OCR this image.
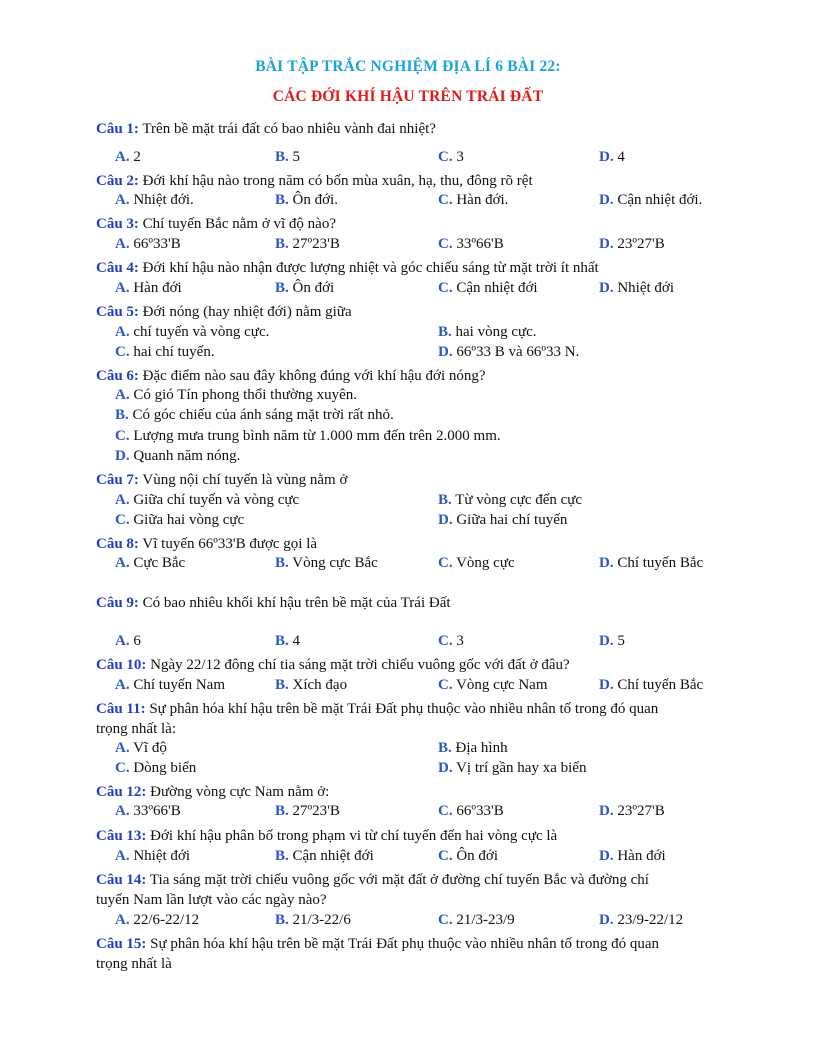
BÀI TẬP TRẮC NGHIỆM ĐỊA LÍ 6 BÀI 22:
CÁC ĐỚI KHÍ HẬU TRÊN TRÁI ĐẤT
Câu 1: Trên bề mặt trái đất có bao nhiêu vành đai nhiệt?
A. 2	B. 5	C. 3	D. 4
Câu 2: Đới khí hậu nào trong năm có bốn mùa xuân, hạ, thu, đông rõ rệt
A. Nhiệt đới.	B. Ôn đới.	C. Hàn đới.	D. Cận nhiệt đới.
Câu 3: Chí tuyến Bắc nằm ở vĩ độ nào?
A. 66º33'B	B. 27º23'B	C. 33º66'B	D. 23º27'B
Câu 4: Đới khí hậu nào nhận được lượng nhiệt và góc chiếu sáng từ mặt trời ít nhất
A. Hàn đới	B. Ôn đới	C. Cận nhiệt đới	D. Nhiệt đới
Câu 5: Đới nóng (hay nhiệt đới) nằm giữa
A. chí tuyến và vòng cực.	B. hai vòng cực.
C. hai chí tuyến.	D. 66º33 B và 66º33 N.
Câu 6: Đặc điểm nào sau đây không đúng với khí hậu đới nóng?
A. Có gió Tín phong thổi thường xuyên.
B. Có góc chiếu của ánh sáng mặt trời rất nhỏ.
C. Lượng mưa trung bình năm từ 1.000 mm đến trên 2.000 mm.
D. Quanh năm nóng.
Câu 7: Vùng nội chí tuyến là vùng nằm ở
A. Giữa chí tuyến và vòng cực	B. Từ vòng cực đến cực
C. Giữa hai vòng cực	D. Giữa hai chí tuyến
Câu 8: Vĩ tuyến 66º33'B được gọi là
A. Cực Bắc	B. Vòng cực Bắc	C. Vòng cực	D. Chí tuyến Bắc
Câu 9: Có bao nhiêu khối khí hậu trên bề mặt của Trái Đất
A. 6	B. 4	C. 3	D. 5
Câu 10: Ngày 22/12 đông chí tia sáng mặt trời chiếu vuông gốc với đất ở đâu?
A. Chí tuyến Nam	B. Xích đạo	C. Vòng cực Nam	D. Chí tuyến Bắc
Câu 11: Sự phân hóa khí hậu trên bề mặt Trái Đất phụ thuộc vào nhiều nhân tố trong đó quan
trọng nhất là:
A. Vĩ độ	B. Địa hình
C. Dòng biển	D. Vị trí gần hay xa biển
Câu 12: Đường vòng cực Nam nằm ở:
A. 33º66'B	B. 27º23'B	C. 66º33'B	D. 23º27'B
Câu 13: Đới khí hậu phân bố trong phạm vi từ chí tuyến đến hai vòng cực là
A. Nhiệt đới	B. Cận nhiệt đới	C. Ôn đới	D. Hàn đới
Câu 14: Tia sáng mặt trời chiếu vuông gốc với mặt đất ở đường chí tuyến Bắc và đường chí
tuyến Nam lần lượt vào các ngày nào?
A. 22/6-22/12	B. 21/3-22/6	C. 21/3-23/9	D. 23/9-22/12
Câu 15: Sự phân hóa khí hậu trên bề mặt Trái Đất phụ thuộc vào nhiều nhân tố trong đó quan
trọng nhất là
